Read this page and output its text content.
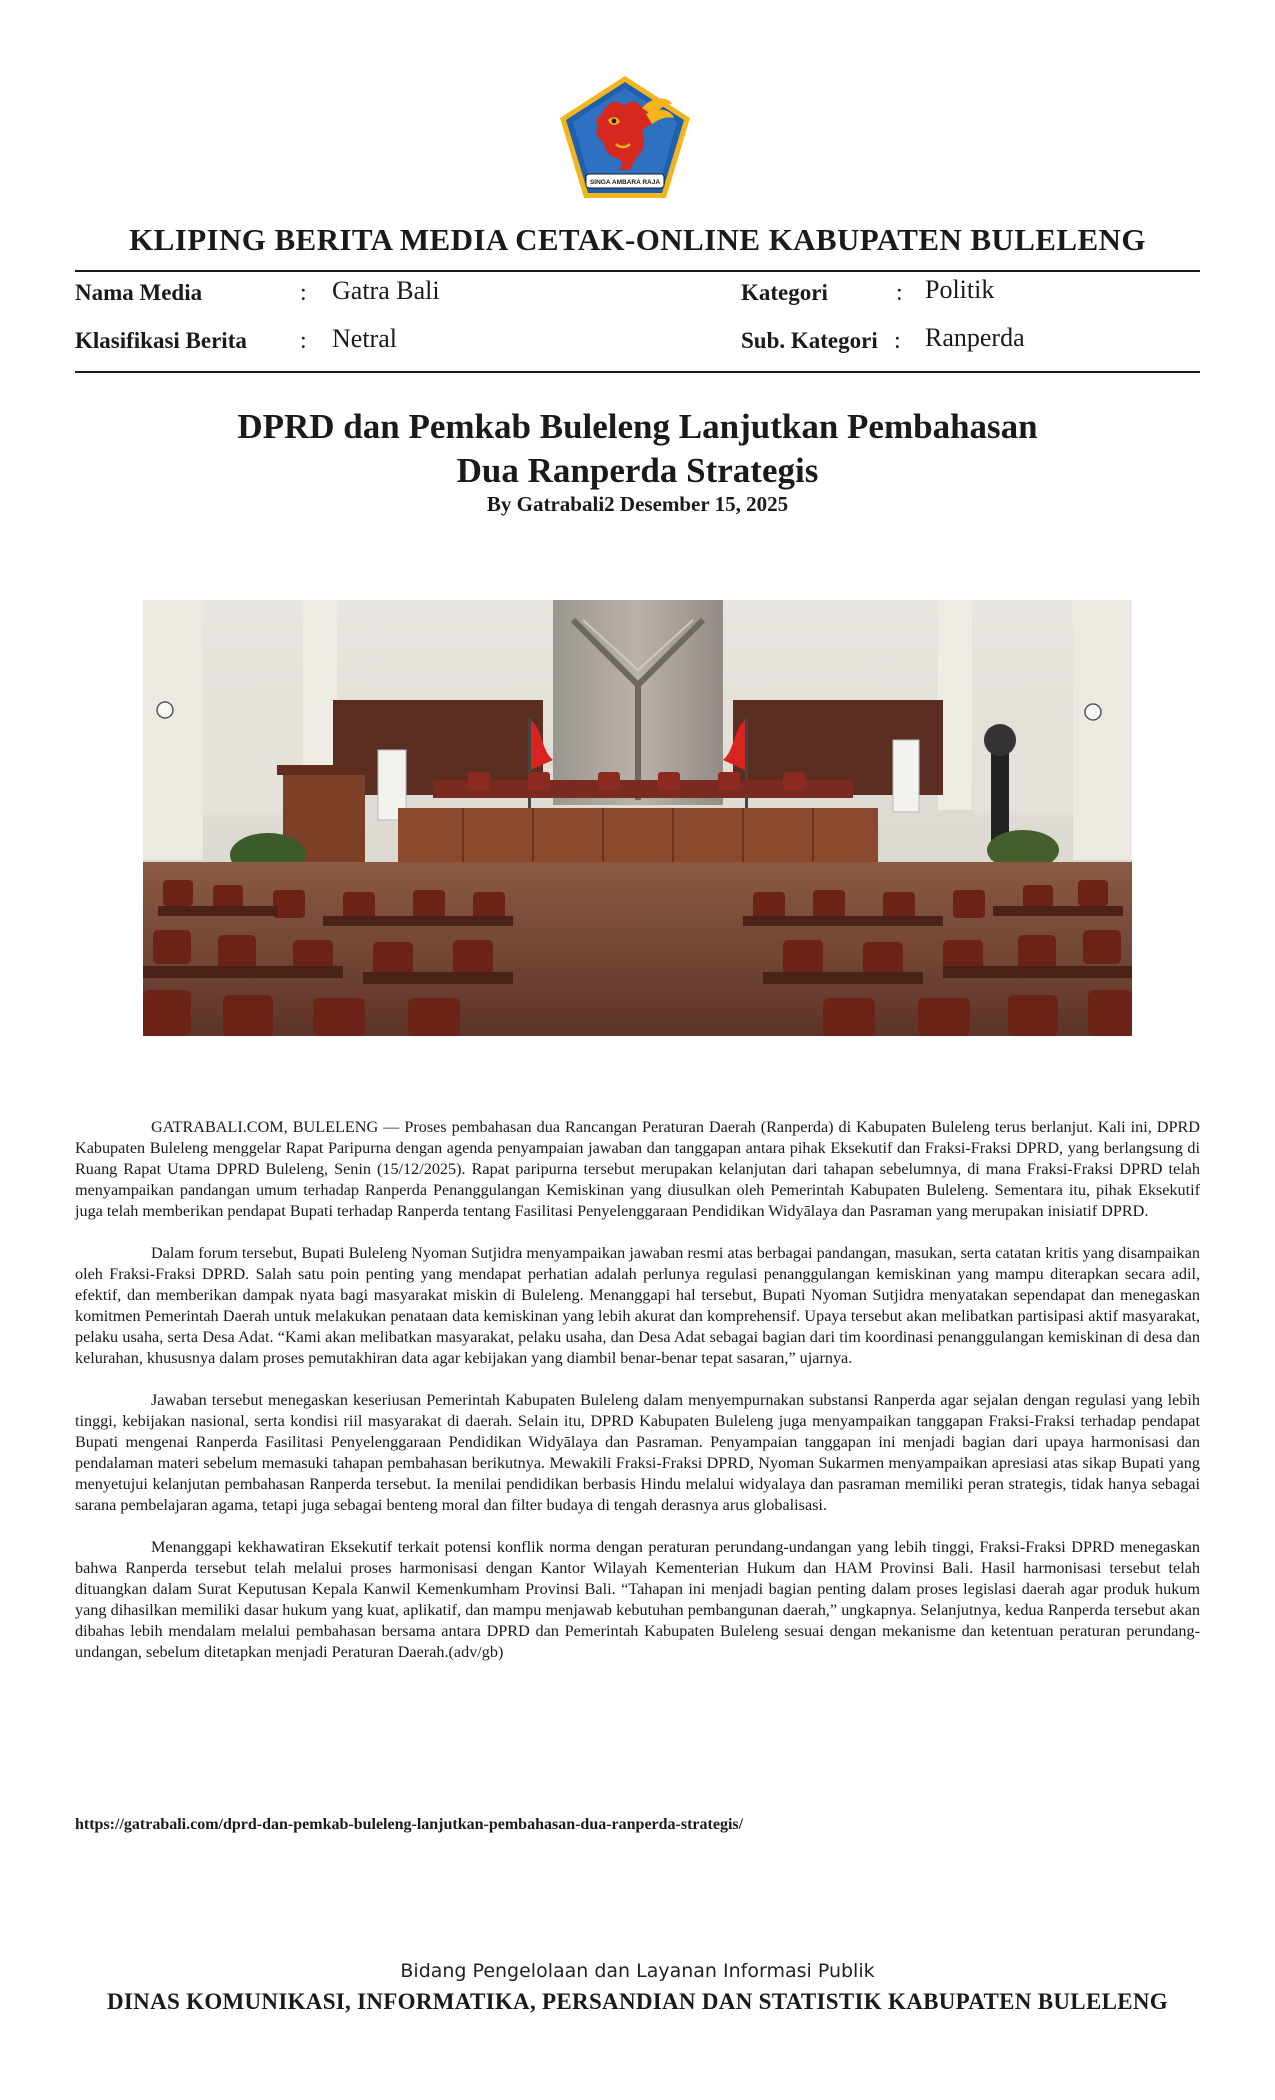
SINGA AMBARA RAJA
KLIPING BERITA MEDIA CETAK-ONLINE KABUPATEN BULELENG
Nama Media	: Gatra Bali
Klasifikasi Berita : Netral
Kategori	: Politik
Sub. Kategori : Ranperda
DPRD dan Pemkab Buleleng Lanjutkan Pembahasan
Dua Ranperda Strategis
By Gatrabali2 Desember 15, 2025

GATRABALI.COM, BULELENG — Proses pembahasan dua Rancangan Peraturan Daerah (Ranperda) di Kabupaten Buleleng terus berlanjut. Kali ini, DPRD Kabupaten Buleleng menggelar Rapat Paripurna dengan agenda penyampaian jawaban dan tanggapan antara pihak Eksekutif dan Fraksi-Fraksi DPRD, yang berlangsung di Ruang Rapat Utama DPRD Buleleng, Senin (15/12/2025). Rapat paripurna tersebut merupakan kelanjutan dari tahapan sebelumnya, di mana Fraksi-Fraksi DPRD telah menyampaikan pandangan umum terhadap Ranperda Penanggulangan Kemiskinan yang diusulkan oleh Pemerintah Kabupaten Buleleng. Sementara itu, pihak Eksekutif juga telah memberikan pendapat Bupati terhadap Ranperda tentang Fasilitasi Penyelenggaraan Pendidikan Widyālaya dan Pasraman yang merupakan inisiatif DPRD.

Dalam forum tersebut, Bupati Buleleng Nyoman Sutjidra menyampaikan jawaban resmi atas berbagai pandangan, masukan, serta catatan kritis yang disampaikan oleh Fraksi-Fraksi DPRD. Salah satu poin penting yang mendapat perhatian adalah perlunya regulasi penanggulangan kemiskinan yang mampu diterapkan secara adil, efektif, dan memberikan dampak nyata bagi masyarakat miskin di Buleleng. Menanggapi hal tersebut, Bupati Nyoman Sutjidra menyatakan sependapat dan menegaskan komitmen Pemerintah Daerah untuk melakukan penataan data kemiskinan yang lebih akurat dan komprehensif. Upaya tersebut akan melibatkan partisipasi aktif masyarakat, pelaku usaha, serta Desa Adat. “Kami akan melibatkan masyarakat, pelaku usaha, dan Desa Adat sebagai bagian dari tim koordinasi penanggulangan kemiskinan di desa dan kelurahan, khususnya dalam proses pemutakhiran data agar kebijakan yang diambil benar-benar tepat sasaran,” ujarnya.

Jawaban tersebut menegaskan keseriusan Pemerintah Kabupaten Buleleng dalam menyempurnakan substansi Ranperda agar sejalan dengan regulasi yang lebih tinggi, kebijakan nasional, serta kondisi riil masyarakat di daerah. Selain itu, DPRD Kabupaten Buleleng juga menyampaikan tanggapan Fraksi-Fraksi terhadap pendapat Bupati mengenai Ranperda Fasilitasi Penyelenggaraan Pendidikan Widyālaya dan Pasraman. Penyampaian tanggapan ini menjadi bagian dari upaya harmonisasi dan pendalaman materi sebelum memasuki tahapan pembahasan berikutnya. Mewakili Fraksi-Fraksi DPRD, Nyoman Sukarmen menyampaikan apresiasi atas sikap Bupati yang menyetujui kelanjutan pembahasan Ranperda tersebut. Ia menilai pendidikan berbasis Hindu melalui widyalaya dan pasraman memiliki peran strategis, tidak hanya sebagai sarana pembelajaran agama, tetapi juga sebagai benteng moral dan filter budaya di tengah derasnya arus globalisasi.

Menanggapi kekhawatiran Eksekutif terkait potensi konflik norma dengan peraturan perundang-undangan yang lebih tinggi, Fraksi-Fraksi DPRD menegaskan bahwa Ranperda tersebut telah melalui proses harmonisasi dengan Kantor Wilayah Kementerian Hukum dan HAM Provinsi Bali. Hasil harmonisasi tersebut telah dituangkan dalam Surat Keputusan Kepala Kanwil Kemenkumham Provinsi Bali. “Tahapan ini menjadi bagian penting dalam proses legislasi daerah agar produk hukum yang dihasilkan memiliki dasar hukum yang kuat, aplikatif, dan mampu menjawab kebutuhan pembangunan daerah,” ungkapnya. Selanjutnya, kedua Ranperda tersebut akan dibahas lebih mendalam melalui pembahasan bersama antara DPRD dan Pemerintah Kabupaten Buleleng sesuai dengan mekanisme dan ketentuan peraturan perundang-undangan, sebelum ditetapkan menjadi Peraturan Daerah.(adv/gb)

https://gatrabali.com/dprd-dan-pemkab-buleleng-lanjutkan-pembahasan-dua-ranperda-strategis/
Bidang Pengelolaan dan Layanan Informasi Publik
DINAS KOMUNIKASI, INFORMATIKA, PERSANDIAN DAN STATISTIK KABUPATEN BULELENG
